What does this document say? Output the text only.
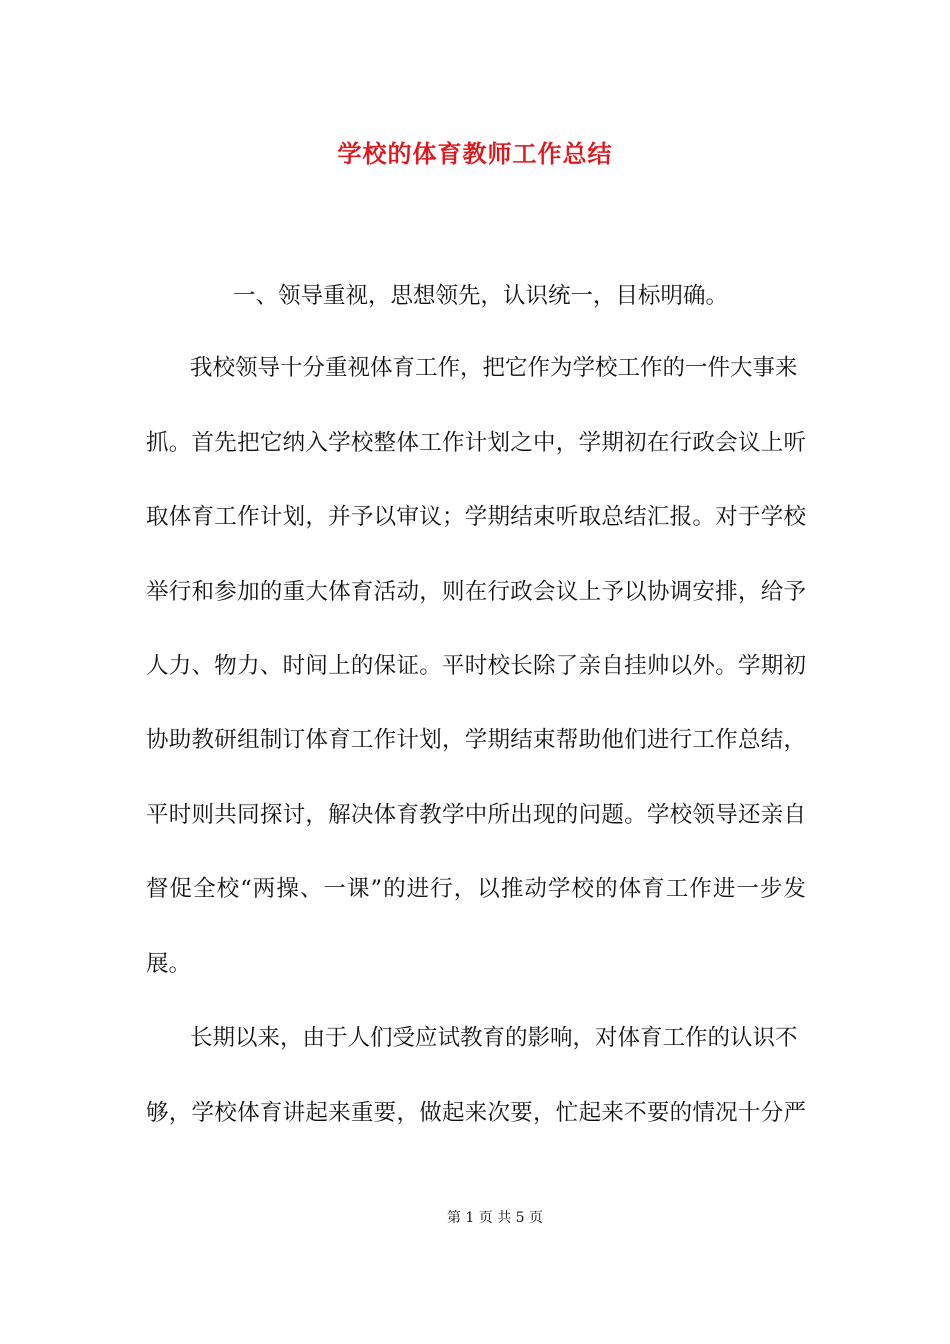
学校的体育教师工作总结
一、领导重视，思想领先，认识统一，目标明确。
我校领导十分重视体育工作，把它作为学校工作的一件大事来
抓。首先把它纳入学校整体工作计划之中，学期初在行政会议上听
取体育工作计划，并予以审议；学期结束听取总结汇报。对于学校
举行和参加的重大体育活动，则在行政会议上予以协调安排，给予
人力、物力、时间上的保证。平时校长除了亲自挂帅以外。学期初
协助教研组制订体育工作计划，学期结束帮助他们进行工作总结，
平时则共同探讨，解决体育教学中所出现的问题。学校领导还亲自
督促全校“两操、一课”的进行，以推动学校的体育工作进一步发
展。
长期以来，由于人们受应试教育的影响，对体育工作的认识不
够，学校体育讲起来重要，做起来次要，忙起来不要的情况十分严
第 1 页 共 5 页
